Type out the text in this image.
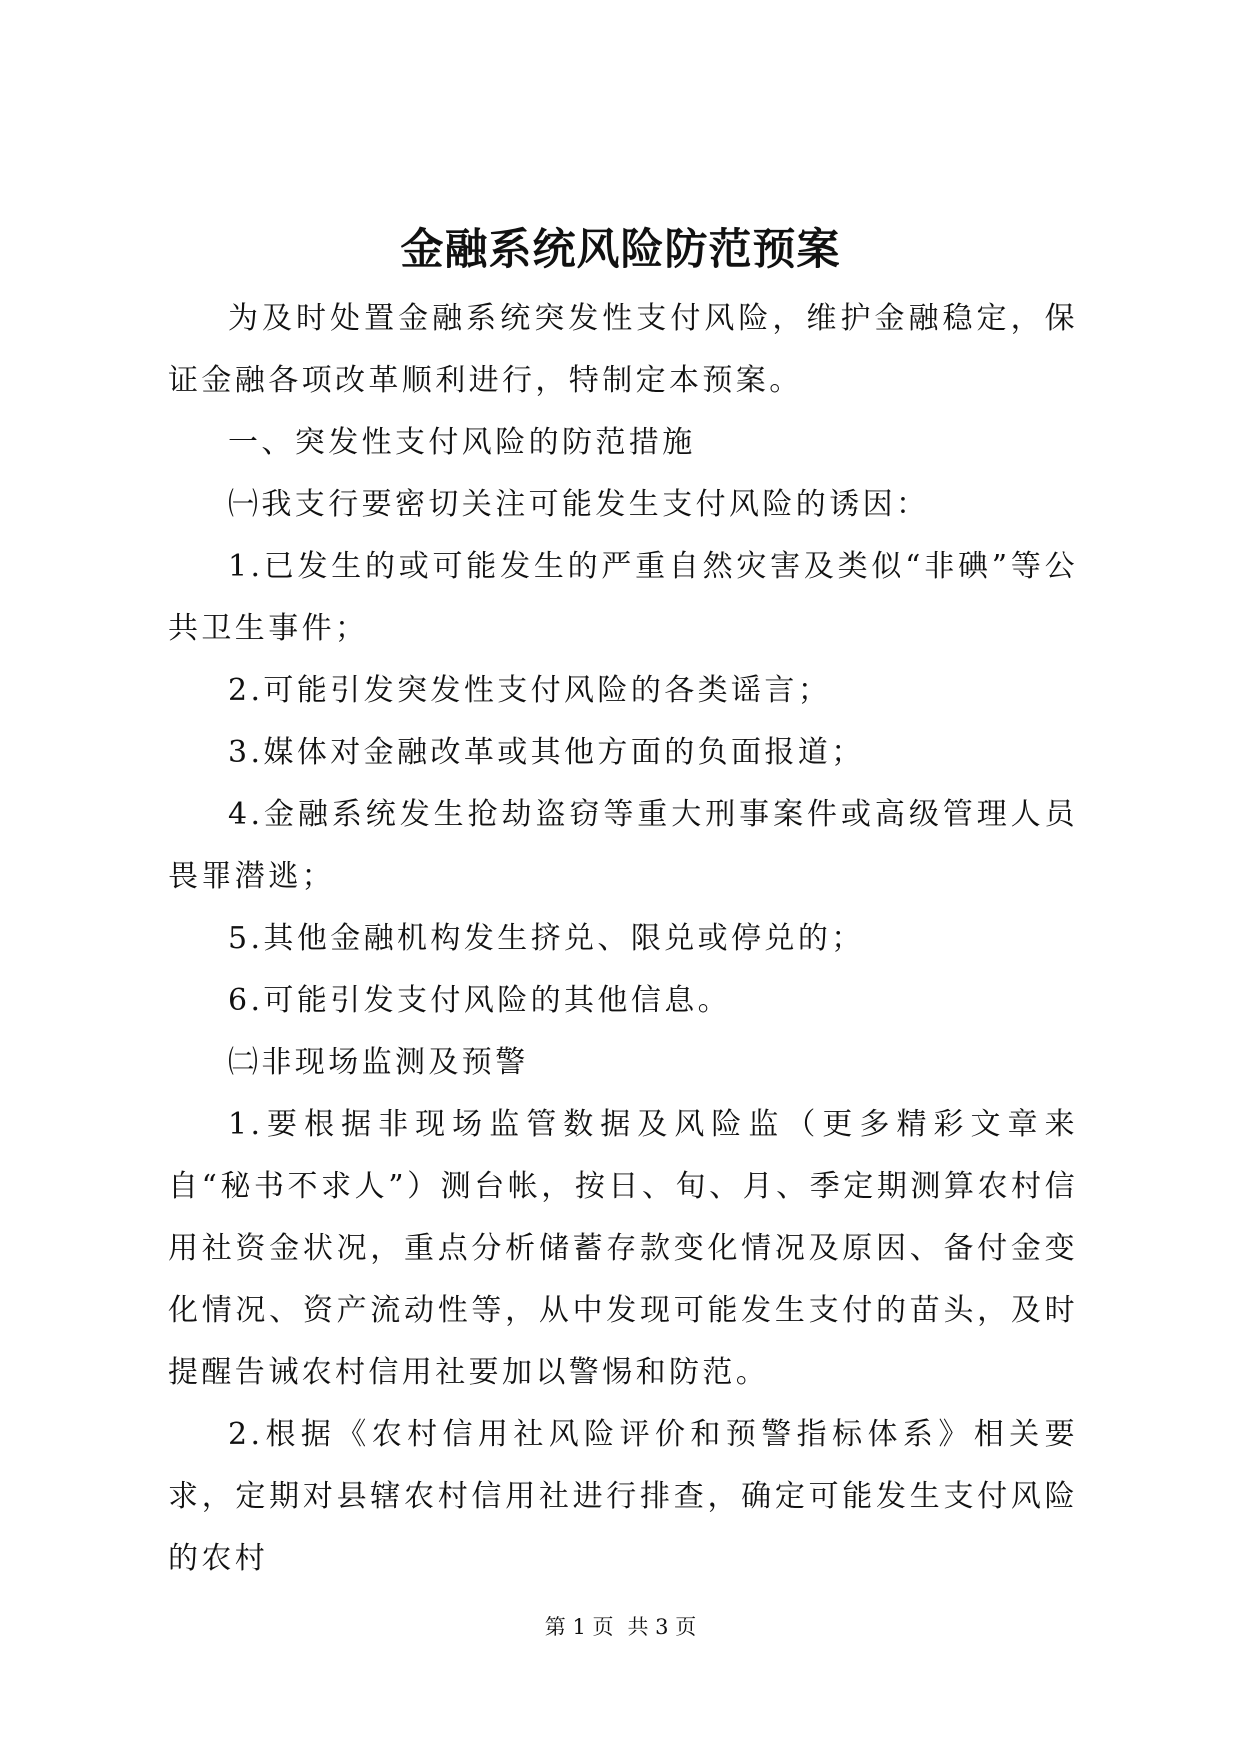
金融系统风险防范预案

为及时处置金融系统突发性支付风险，维护金融稳定，保证金融各项改革顺利进行，特制定本预案。

一、突发性支付风险的防范措施

㈠我支行要密切关注可能发生支付风险的诱因：

1.已发生的或可能发生的严重自然灾害及类似“非碘”等公共卫生事件；

2.可能引发突发性支付风险的各类谣言；

3.媒体对金融改革或其他方面的负面报道；

4.金融系统发生抢劫盗窃等重大刑事案件或高级管理人员畏罪潜逃；

5.其他金融机构发生挤兑、限兑或停兑的；

6.可能引发支付风险的其他信息。

㈡非现场监测及预警

1.要根据非现场监管数据及风险监（更多精彩文章来自“秘书不求人”）测台帐，按日、旬、月、季定期测算农村信用社资金状况，重点分析储蓄存款变化情况及原因、备付金变化情况、资产流动性等，从中发现可能发生支付的苗头，及时提醒告诫农村信用社要加以警惕和防范。

2.根据《农村信用社风险评价和预警指标体系》相关要求，定期对县辖农村信用社进行排查，确定可能发生支付风险的农村

第 1 页 共 3 页
